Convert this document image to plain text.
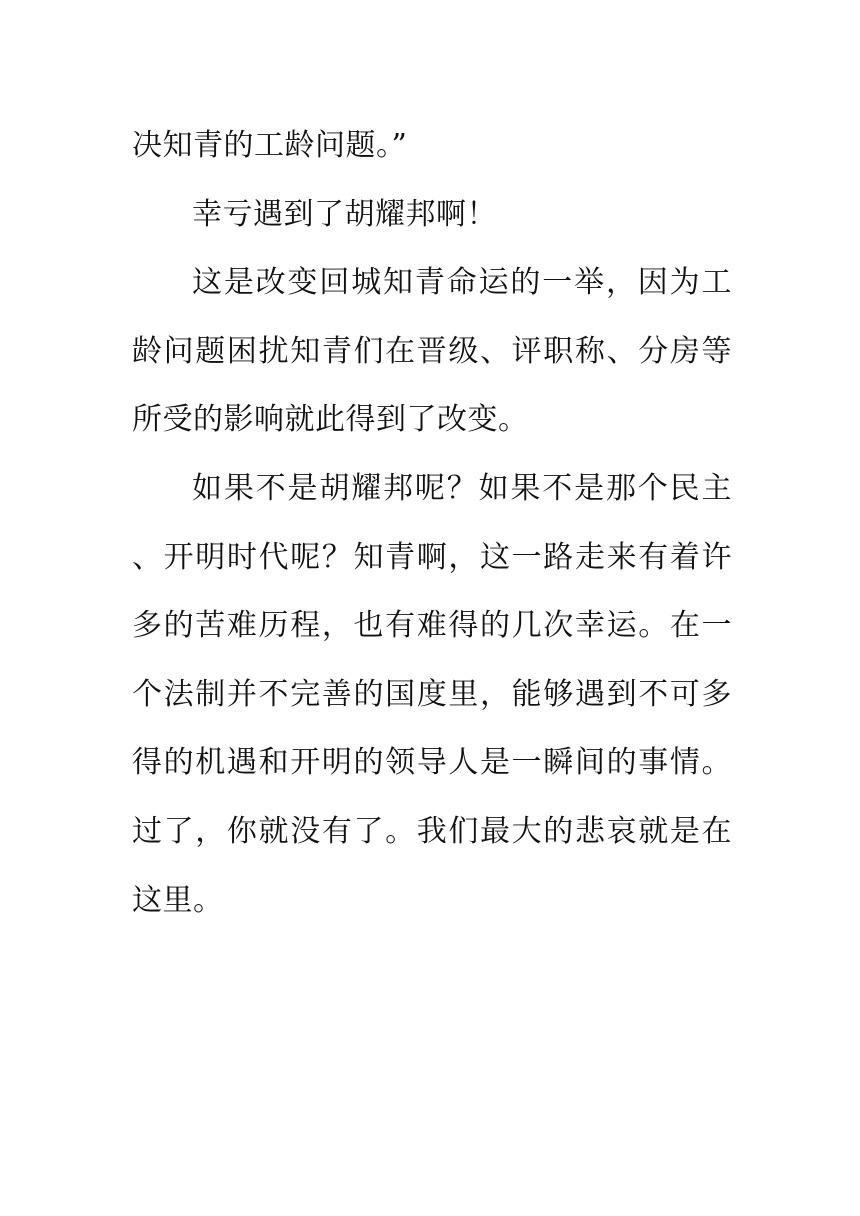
决知青的工龄问题。”

幸亏遇到了胡耀邦啊！

这是改变回城知青命运的一举，因为工龄问题困扰知青们在晋级、评职称、分房等所受的影响就此得到了改变。

如果不是胡耀邦呢？如果不是那个民主、开明时代呢？知青啊，这一路走来有着许多的苦难历程，也有难得的几次幸运。在一个法制并不完善的国度里，能够遇到不可多得的机遇和开明的领导人是一瞬间的事情。过了，你就没有了。我们最大的悲哀就是在这里。
